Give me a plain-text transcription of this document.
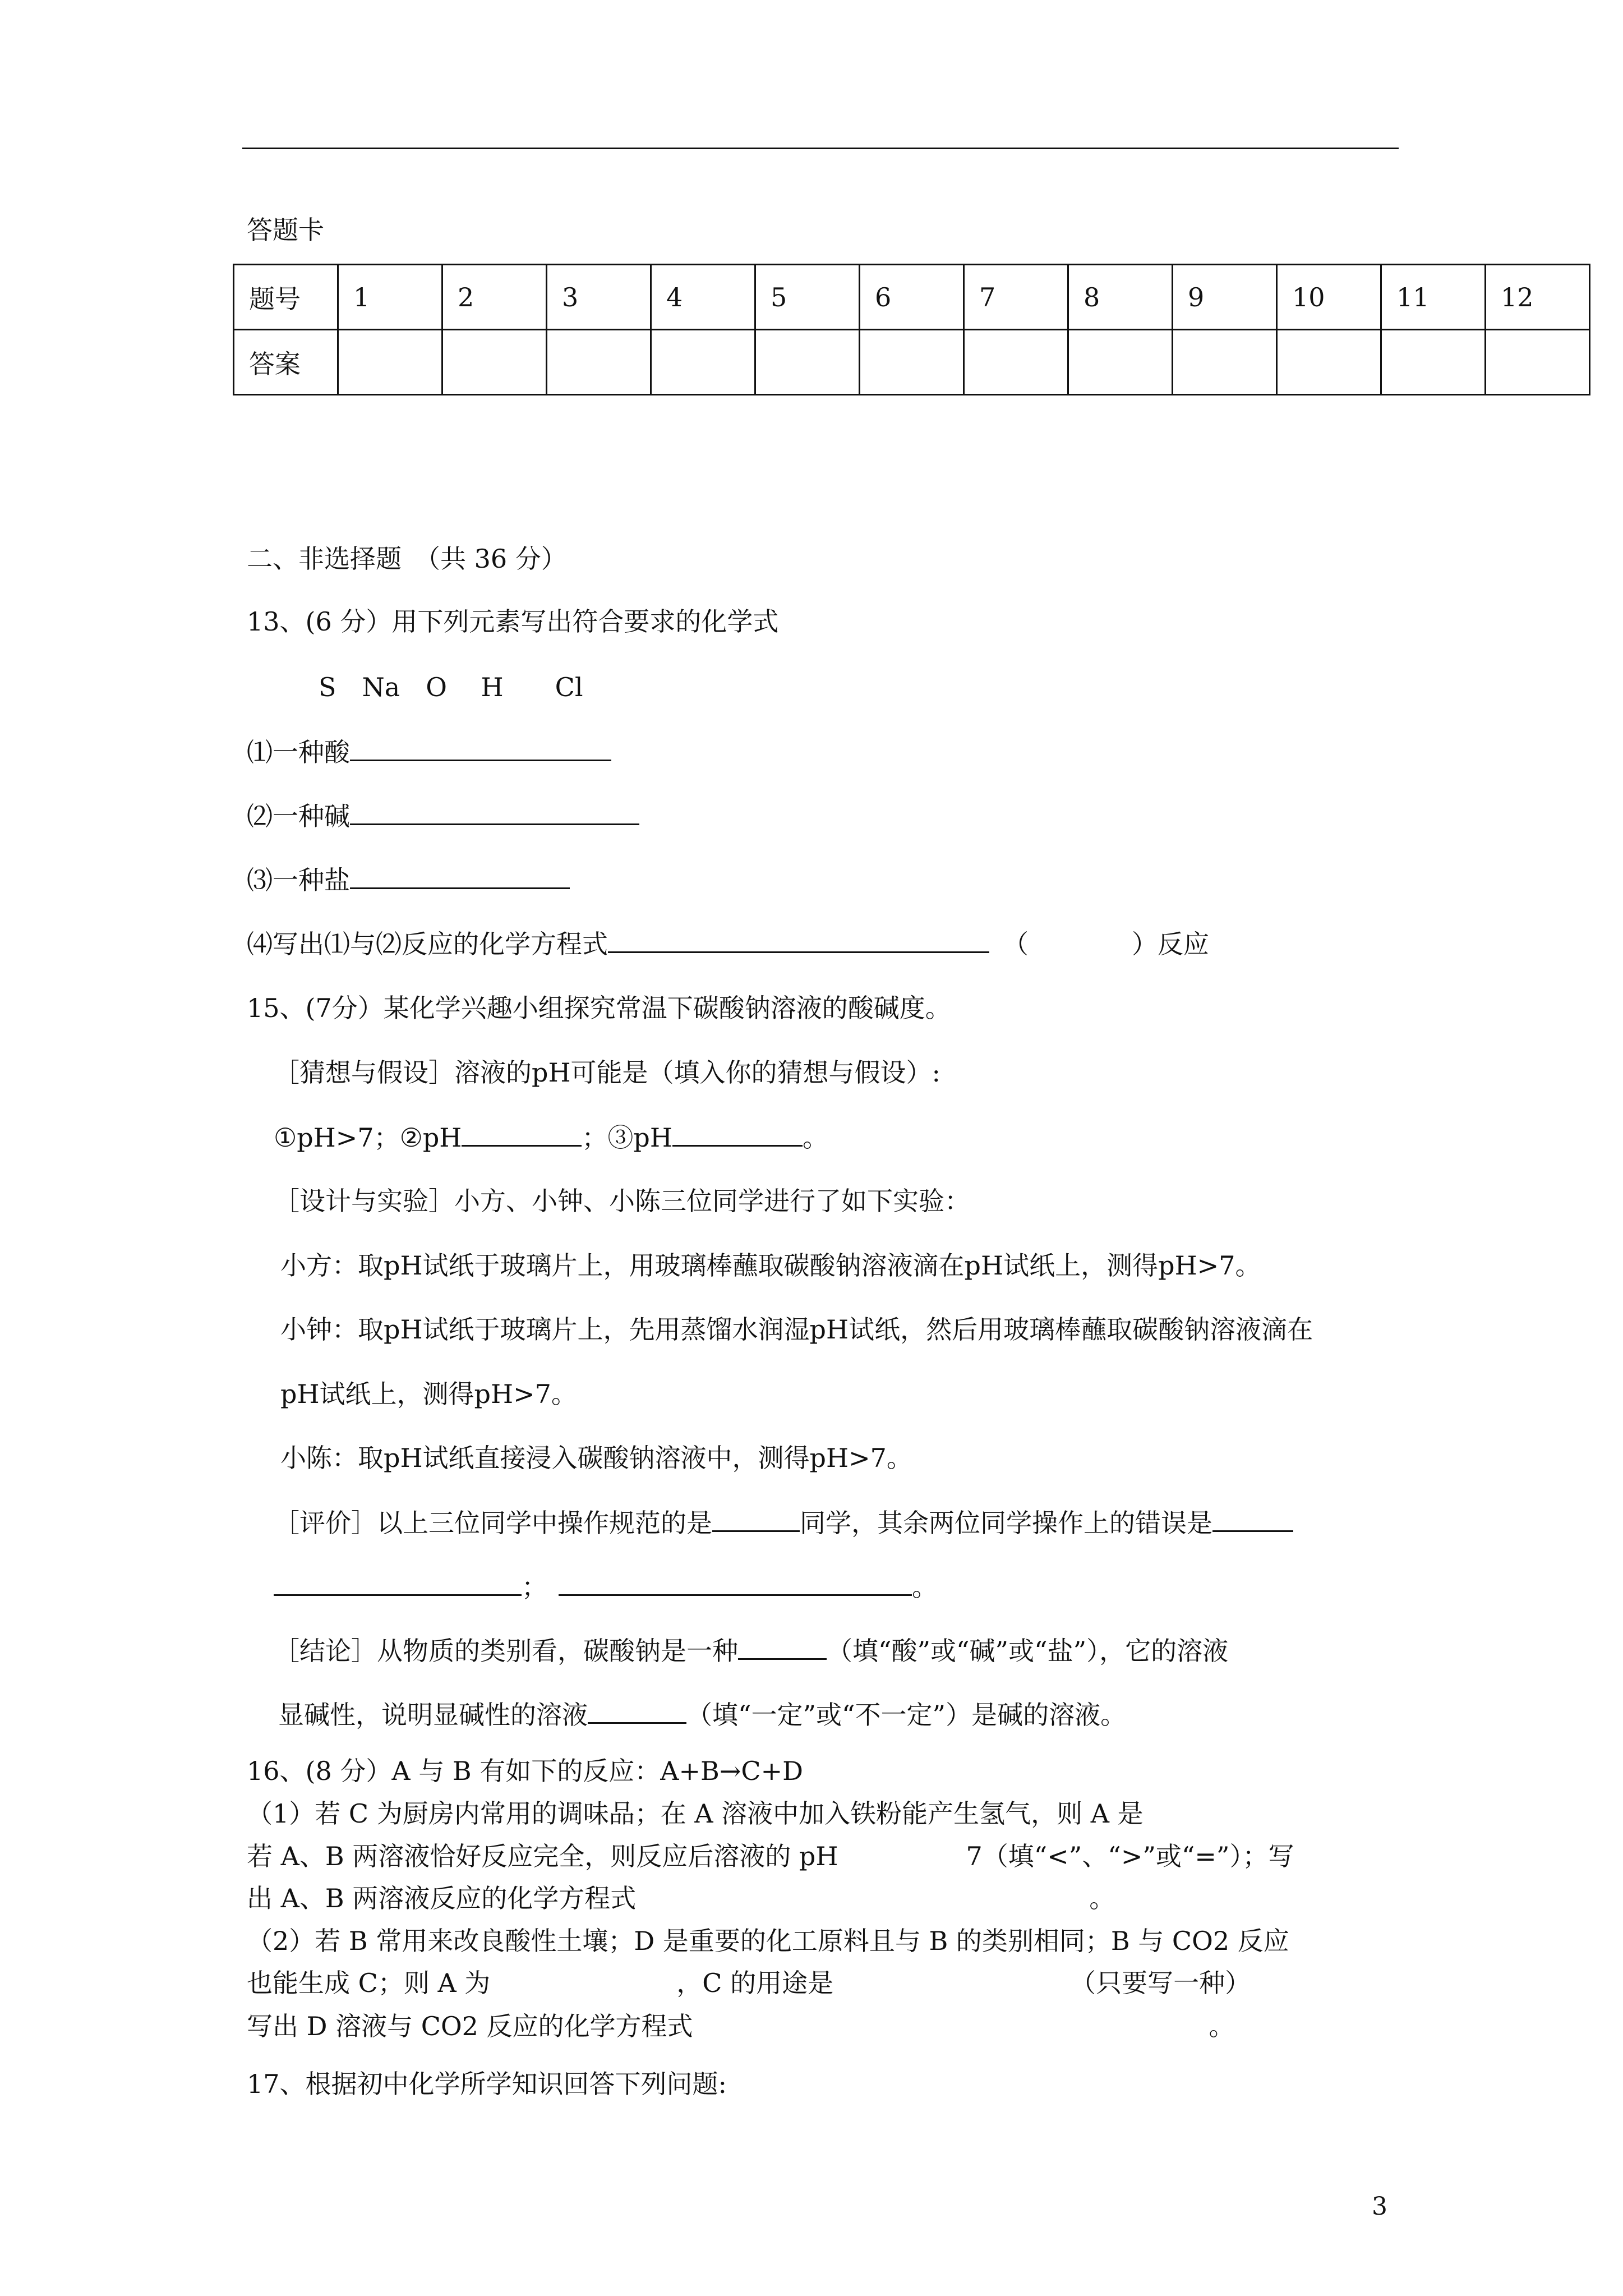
答题卡
题号	1	2	3	4	5	6	7	8	9	10	11	12
答案												
二、非选择题　（共 36 分）
13、(6 分）用下列元素写出符合要求的化学式
S　Na　O　 H　　Cl
⑴一种酸
⑵一种碱
⑶一种盐
⑷写出⑴与⑵反应的化学方程式	（　　　　）反应
15、(7分）某化学兴趣小组探究常温下碳酸钠溶液的酸碱度。
［猜想与假设］溶液的pH可能是（填入你的猜想与假设）:
①pH>7；②pH	；③pH	。
［设计与实验］小方、小钟、小陈三位同学进行了如下实验：
小方：取pH试纸于玻璃片上，用玻璃棒蘸取碳酸钠溶液滴在pH试纸上，测得pH>7。
小钟：取pH试纸于玻璃片上，先用蒸馏水润湿pH试纸，然后用玻璃棒蘸取碳酸钠溶液滴在
pH试纸上，测得pH>7。
小陈：取pH试纸直接浸入碳酸钠溶液中，测得pH>7。
［评价］以上三位同学中操作规范的是	同学，其余两位同学操作上的错误是
；	。
［结论］从物质的类别看，碳酸钠是一种	（填“酸”或“碱”或“盐”），它的溶液
显碱性，说明显碱性的溶液	（填“一定”或“不一定”）是碱的溶液。
16、(8 分）A 与 B 有如下的反应：A+B→C+D
（1）若 C 为厨房内常用的调味品；在 A 溶液中加入铁粉能产生氢气，则 A 是
若 A、B 两溶液恰好反应完全，则反应后溶液的 pH	7（填“<”、“>”或“=”）；写
出 A、B 两溶液反应的化学方程式	。
（2）若 B 常用来改良酸性土壤；D 是重要的化工原料且与 B 的类别相同；B 与 CO2 反应
也能生成 C；则 A 为	，C 的用途是	（只要写一种）
写出 D 溶液与 CO2 反应的化学方程式	。
17、根据初中化学所学知识回答下列问题:
3
